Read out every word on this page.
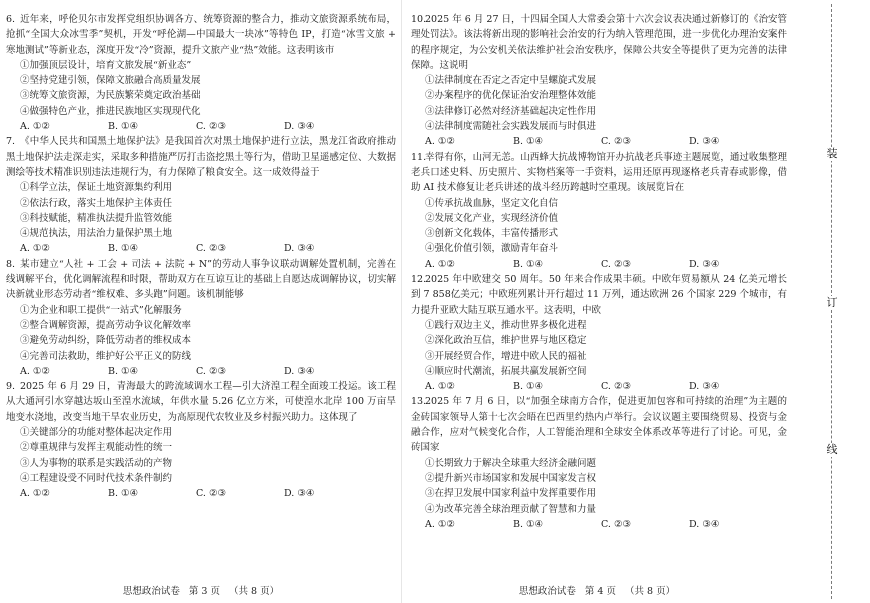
6. 近年来，呼伦贝尔市发挥党组织协调各方、统筹资源的整合力，推动文旅资源系统布局，抢抓“全国大众冰雪季”契机，开发“呼伦湖—中国最大一块冰”等特色 IP，打造“冰雪文旅 + 寒地测试”等新业态，深度开发“冷”资源，提升文旅产业“热”效能。这表明该市
①加强顶层设计，培育文旅发展“新业态”
②坚持党建引领，保障文旅融合高质量发展
③统筹文旅资源，为民族繁荣奠定政治基础
④做强特色产业，推进民族地区实现现代化
A. ①②	B. ①④	C. ②③	D. ③④
7. 《中华人民共和国黑土地保护法》是我国首次对黑土地保护进行立法，黑龙江省政府推动黑土地保护法走深走实，采取多种措施严厉打击盗挖黑土等行为，借助卫星遥感定位、大数据测绘等技术精准识别违法违规行为，有力保障了粮食安全。这一成效得益于
①科学立法，保证土地资源集约利用
②依法行政，落实土地保护主体责任
③科技赋能，精准执法提升监管效能
④规范执法，用法治力量保护黑土地
A. ①②	B. ①④	C. ②③	D. ③④
8. 某市建立“人社 + 工会 + 司法 + 法院 + N”的劳动人事争议联动调解处置机制，完善在线调解平台，优化调解流程和时限，帮助双方在互谅互让的基础上自愿达成调解协议，切实解决新就业形态劳动者“维权难、多头跑”问题。该机制能够
①为企业和职工提供“一站式”化解服务
②整合调解资源，提高劳动争议化解效率
③避免劳动纠纷，降低劳动者的维权成本
④完善司法救助，维护好公平正义的防线
A. ①②	B. ①④	C. ②③	D. ③④
9. 2025 年 6 月 29 日，青海最大的跨流域调水工程—引大济湟工程全面竣工投运。该工程从大通河引水穿越达坂山至湟水流域，年供水量 5.26 亿立方米，可使湟水北岸 100 万亩旱地变水浇地，改变当地干旱农业历史，为高原现代农牧业及乡村振兴助力。这体现了
①关键部分的功能对整体起决定作用
②尊重规律与发挥主观能动性的统一
③人为事物的联系是实践活动的产物
④工程建设受不同时代技术条件制约
A. ①②	B. ①④	C. ②③	D. ③④
思想政治试卷 第 3 页 （共 8 页）
10.2025 年 6 月 27 日，十四届全国人大常委会第十六次会议表决通过新修订的《治安管理处罚法》。该法将新出现的影响社会治安的行为纳入管理范围，进一步优化办理治安案件的程序规定，为公安机关依法维护社会治安秩序，保障公共安全等提供了更为完善的法律保障。这说明
①法律制度在否定之否定中呈螺旋式发展
②办案程序的优化保证治安治理整体效能
③法律修订必然对经济基础起决定性作用
④法律制度需随社会实践发展而与时俱进
A. ①②	B. ①④	C. ②③	D. ③④
11.幸得有你，山河无恙。山西蜂大抗战博物馆开办抗战老兵事迹主题展览，通过收集整理老兵口述史料、历史照片、实物档案等一手资料，运用还原再现逐格老兵青春或影像，借助 AI 技术修复让老兵讲述的战斗经历跨越时空重现。该展览旨在
①传承抗战血脉，坚定文化自信
②发展文化产业，实现经济价值
③创新文化载体，丰富传播形式
④强化价值引领，激励青年奋斗
A. ①②	B. ①④	C. ②③	D. ③④
12.2025 年中欧建交 50 周年。50 年来合作成果丰硕。中欧年贸易额从 24 亿美元增长到 7 858亿美元；中欧班列累计开行超过 11 万列，通达欧洲 26 个国家 229 个城市，有力提升亚欧大陆互联互通水平。这表明，中欧
①践行双边主义，推动世界多极化进程
②深化政治互信，维护世界与地区稳定
③开展经贸合作，增进中欧人民的福祉
④顺应时代潮流，拓展共赢发展新空间
A. ①②	B. ①④	C. ②③	D. ③④
13.2025 年 7 月 6 日，以“加强全球南方合作，促进更加包容和可持续的治理”为主题的金砖国家领导人第十七次会晤在巴西里约热内卢举行。会议议题主要围绕贸易、投资与金融合作，应对气候变化合作，人工智能治理和全球安全体系改革等进行了讨论。可见，金砖国家
①长期致力于解决全球重大经济金融问题
②提升新兴市场国家和发展中国家发言权
③在捍卫发展中国家利益中发挥重要作用
④为改革完善全球治理贡献了智慧和力量
A. ①②	B. ①④	C. ②③	D. ③④
思想政治试卷 第 4 页 （共 8 页）
装
订
线
